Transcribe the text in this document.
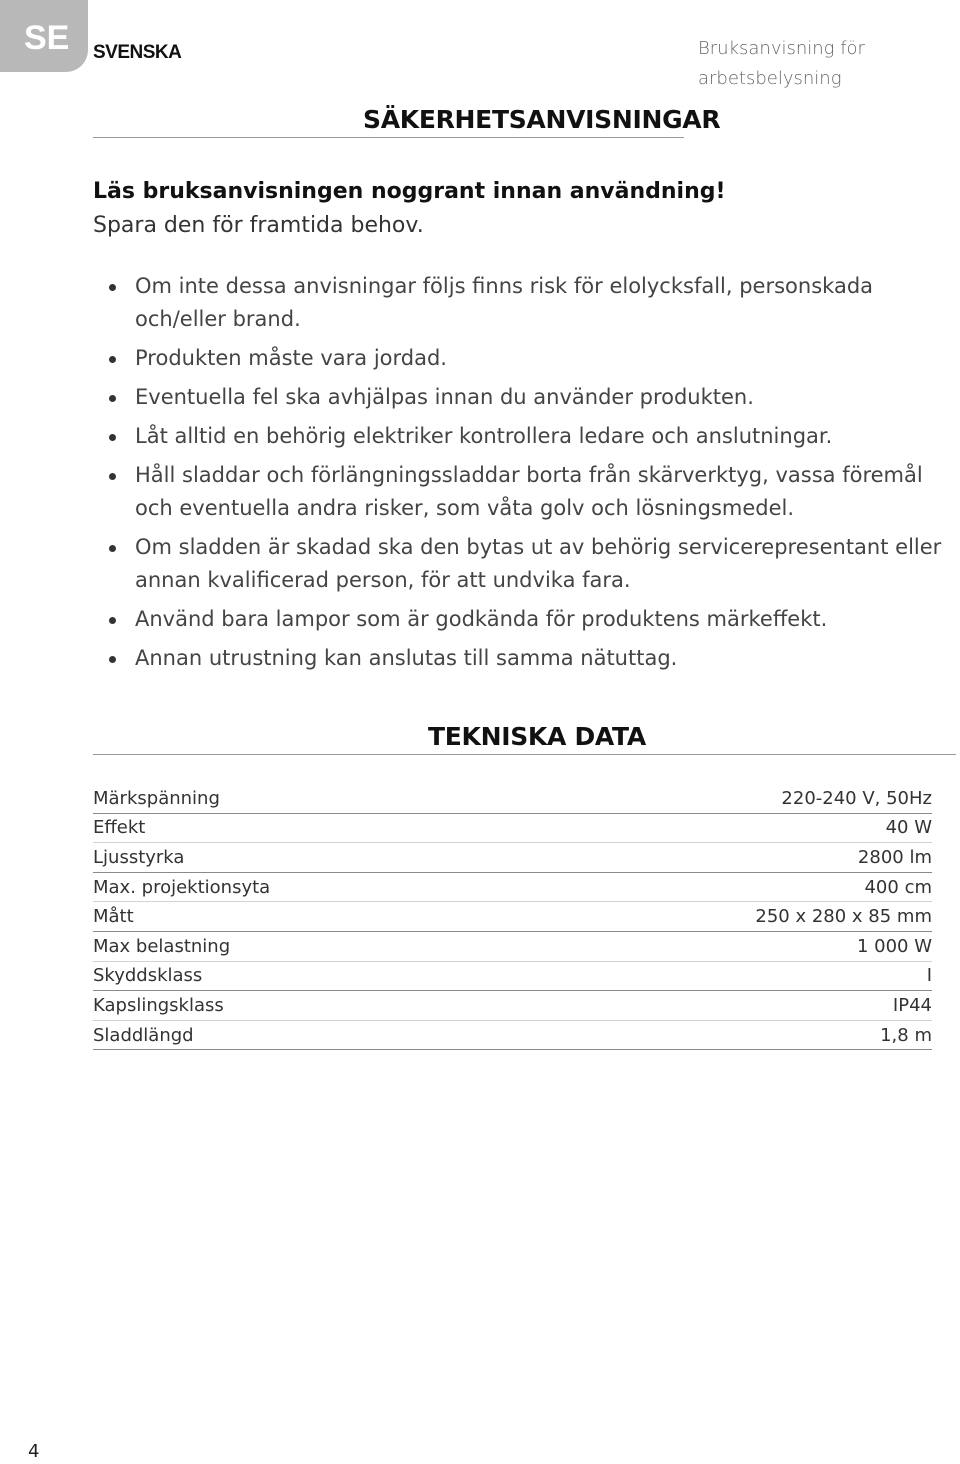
SE	SVENSKA	Bruksanvisning för arbetsbelysning
SÄKERHETSANVISNINGAR
Läs bruksanvisningen noggrant innan användning!
Spara den för framtida behov.
Om inte dessa anvisningar följs finns risk för elolycksfall, personskada och/eller brand.
Produkten måste vara jordad.
Eventuella fel ska avhjälpas innan du använder produkten.
Låt alltid en behörig elektriker kontrollera ledare och anslutningar.
Håll sladdar och förlängningssladdar borta från skärverktyg, vassa föremål och eventuella andra risker, som våta golv och lösningsmedel.
Om sladden är skadad ska den bytas ut av behörig servicerepresentant eller annan kvalificerad person, för att undvika fara.
Använd bara lampor som är godkända för produktens märkeffekt.
Annan utrustning kan anslutas till samma nätuttag.
TEKNISKA DATA
Märkspänning	220-240 V, 50Hz
Effekt	40 W
Ljusstyrka	2800 lm
Max. projektionsyta	400 cm
Mått	250 x 280 x 85 mm
Max belastning	1 000 W
Skyddsklass	I
Kapslingsklass	IP44
Sladdlängd	1,8 m
4
